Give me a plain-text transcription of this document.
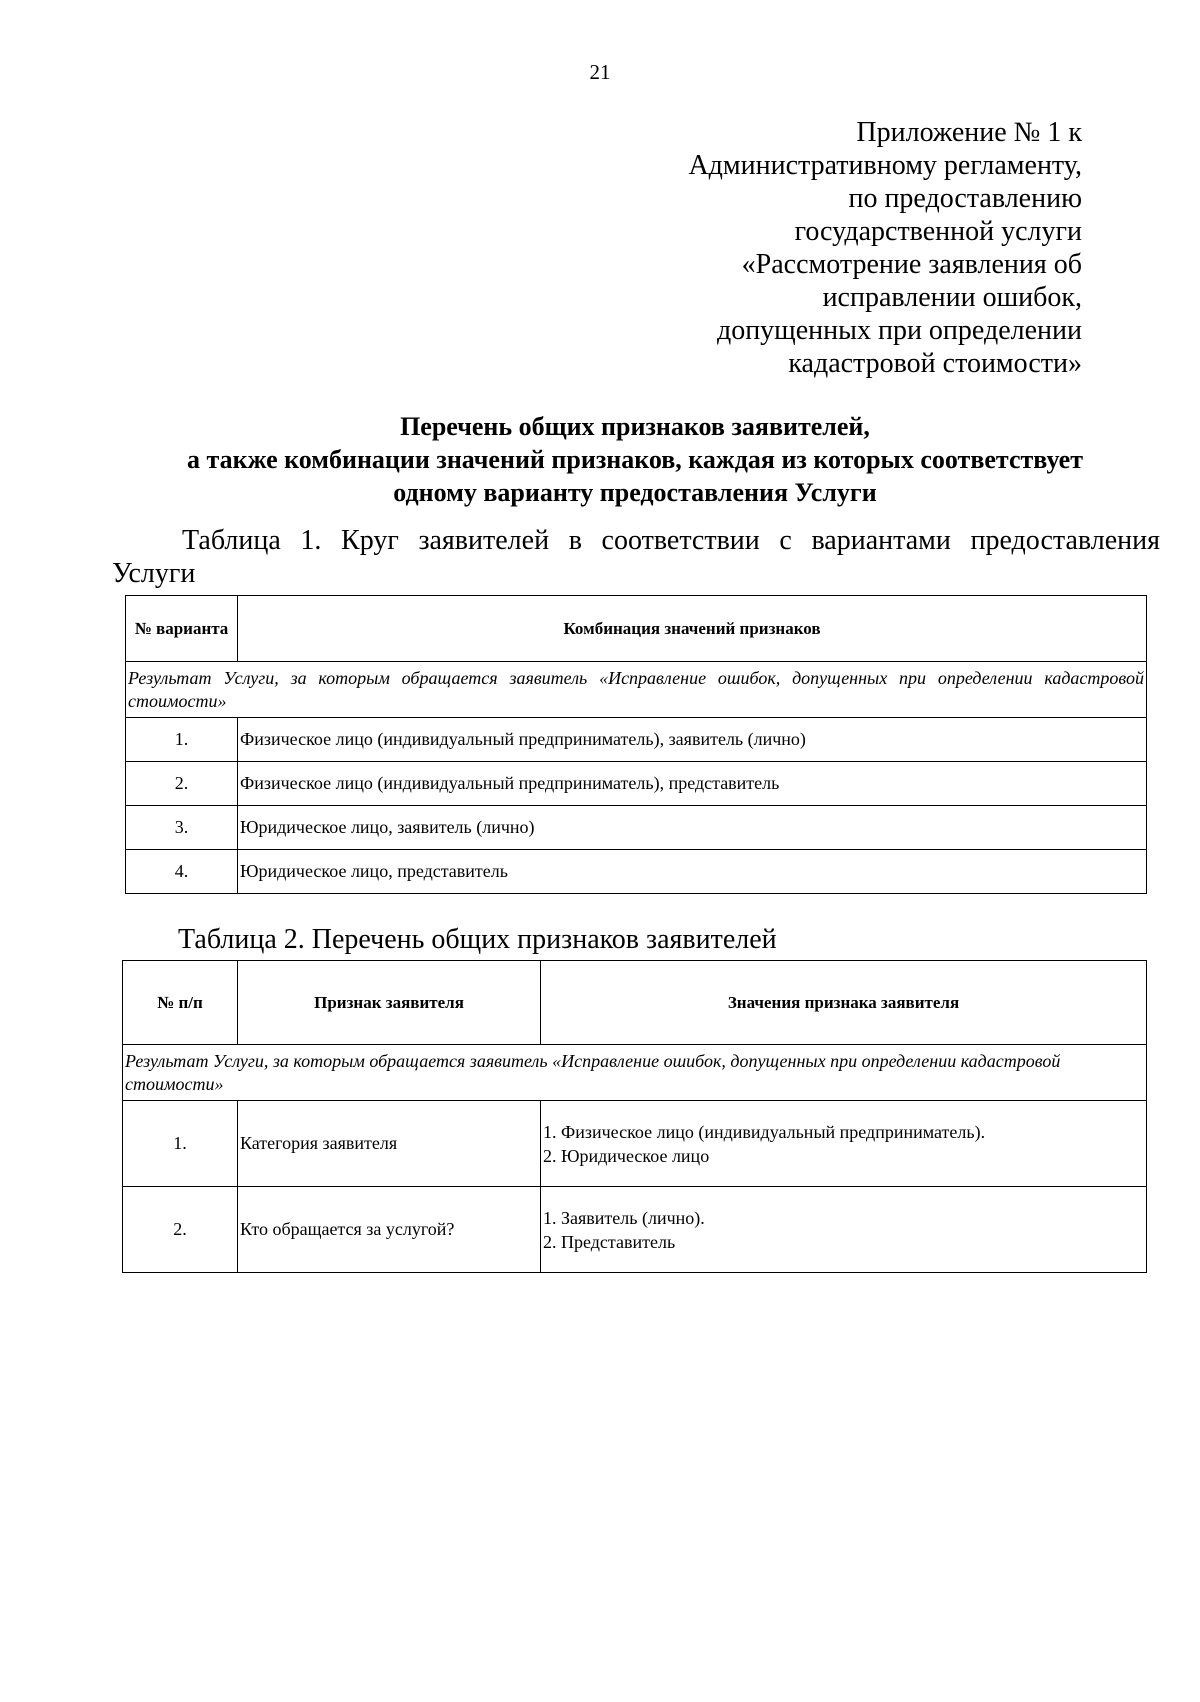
21
Приложение № 1 к
Административному регламенту,
по предоставлению
государственной услуги
«Рассмотрение заявления об
исправлении ошибок,
допущенных при определении
кадастровой стоимости»
Перечень общих признаков заявителей,
а также комбинации значений признаков, каждая из которых соответствует
одному варианту предоставления Услуги
Таблица 1. Круг заявителей в соответствии с вариантами предоставления
Услуги
№ варианта	Комбинация значений признаков
Результат Услуги, за которым обращается заявитель «Исправление ошибок, допущенных при определении кадастровой стоимости»	
1.	Физическое лицо (индивидуальный предприниматель), заявитель (лично)
2.	Физическое лицо (индивидуальный предприниматель), представитель
3.	Юридическое лицо, заявитель (лично)
4.	Юридическое лицо, представитель
Таблица 2. Перечень общих признаков заявителей
№ п/п	Признак заявителя	Значения признака заявителя
Результат Услуги, за которым обращается заявитель «Исправление ошибок, допущенных при определении кадастровой стоимости»		
1.	Категория заявителя	1. Физическое лицо (индивидуальный предприниматель).
2. Юридическое лицо

2.	Кто обращается за услугой?	1. Заявитель (лично).
2. Представитель
